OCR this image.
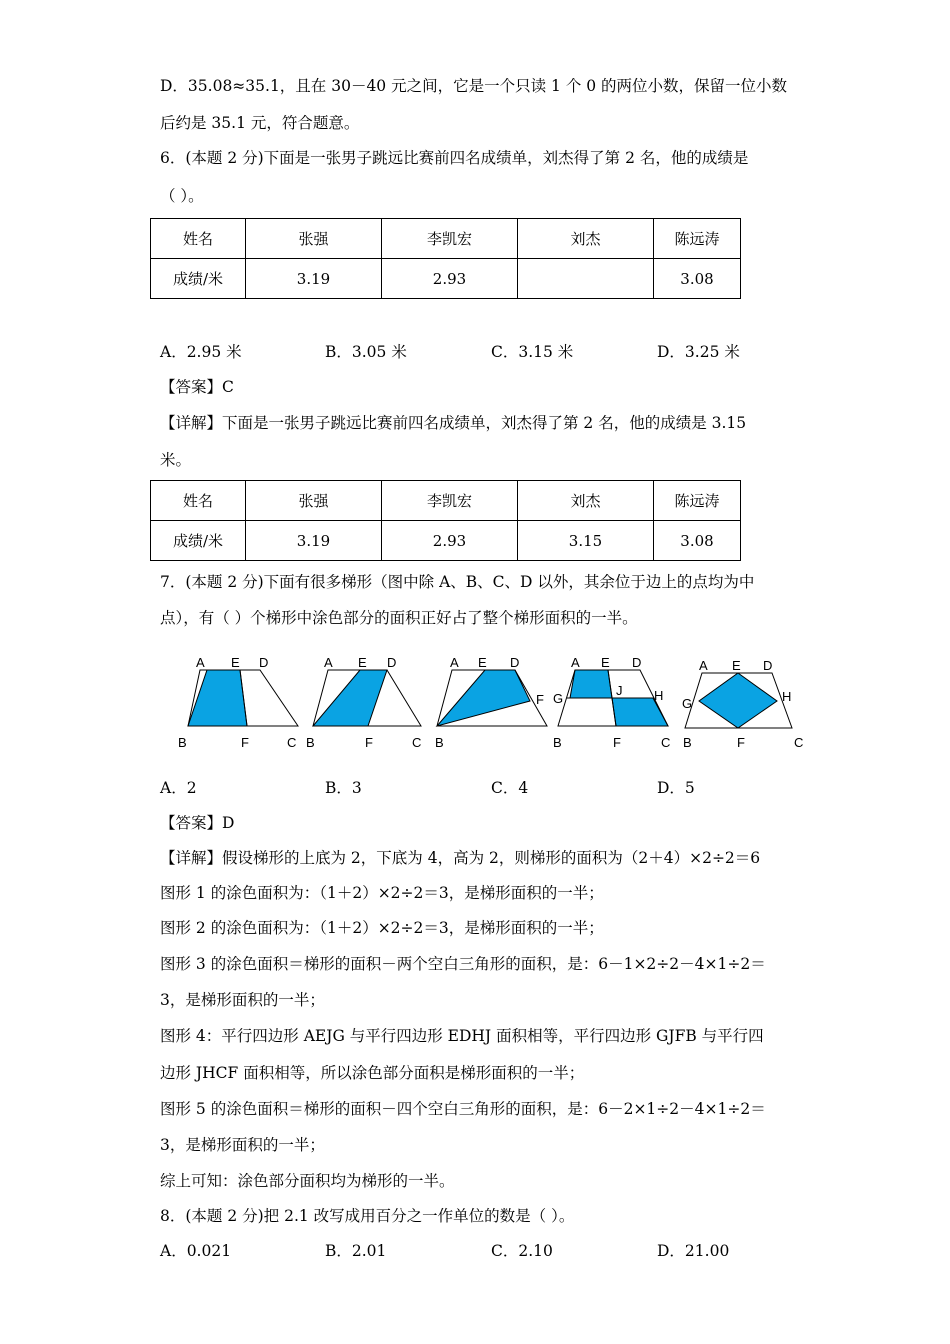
D．35.08≈35.1，且在 30－40 元之间，它是一个只读 1 个 0 的两位小数，保留一位小数
后约是 35.1 元，符合题意。
6．(本题 2 分)下面是一张男子跳远比赛前四名成绩单，刘杰得了第 2 名，他的成绩是
（ ）。
姓名	张强	李凯宏	刘杰	陈远涛
成绩/米	3.19	2.93		3.08
A．2.95 米	B．3.05 米	C．3.15 米	D．3.25 米
【答案】C
【详解】下面是一张男子跳远比赛前四名成绩单，刘杰得了第 2 名，他的成绩是 3.15
米。
姓名	张强	李凯宏	刘杰	陈远涛
成绩/米	3.19	2.93	3.15	3.08
7．(本题 2 分)下面有很多梯形（图中除 A、B、C、D 以外，其余位于边上的点均为中
点），有（ ）个梯形中涂色部分的面积正好占了整个梯形面积的一半。
A E D
B	F	C
A E D
B	F	C
A E D
F
B
A E D
G
J H
B	F	C
A E D
G	H
B	F	C
A．2	B．3	C．4	D．5
【答案】D
【详解】假设梯形的上底为 2，下底为 4，高为 2，则梯形的面积为（2＋4）×2÷2＝6
图形 1 的涂色面积为：（1＋2）×2÷2＝3，是梯形面积的一半；
图形 2 的涂色面积为：（1＋2）×2÷2＝3，是梯形面积的一半；
图形 3 的涂色面积＝梯形的面积－两个空白三角形的面积，是：6－1×2÷2－4×1÷2＝
3，是梯形面积的一半；
图形 4：平行四边形 AEJG 与平行四边形 EDHJ 面积相等，平行四边形 GJFB 与平行四
边形 JHCF 面积相等，所以涂色部分面积是梯形面积的一半；
图形 5 的涂色面积＝梯形的面积－四个空白三角形的面积，是：6－2×1÷2－4×1÷2＝
3，是梯形面积的一半；
综上可知：涂色部分面积均为梯形的一半。
8．(本题 2 分)把 2.1 改写成用百分之一作单位的数是（ ）。
A．0.021	B．2.01	C．2.10	D．21.00
